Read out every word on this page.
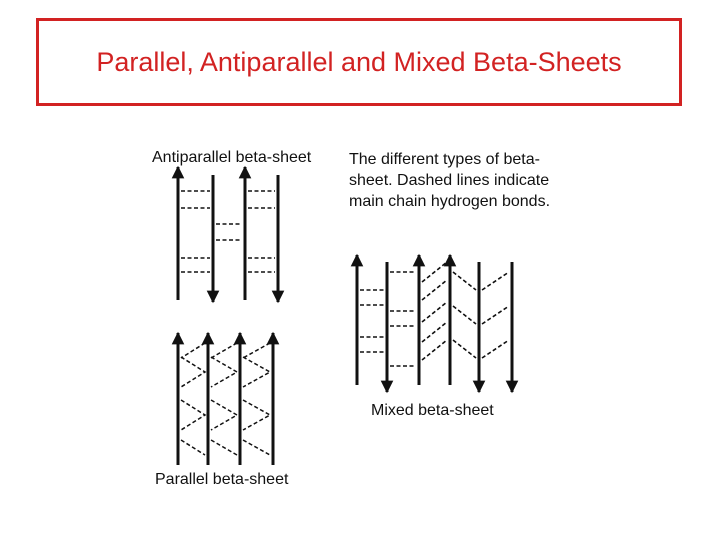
Parallel, Antiparallel and Mixed Beta-Sheets
Antiparallel beta-sheet The different types of beta-sheet. Dashed lines indicate main chain hydrogen bonds.
Mixed beta-sheet
Parallel beta-sheet
